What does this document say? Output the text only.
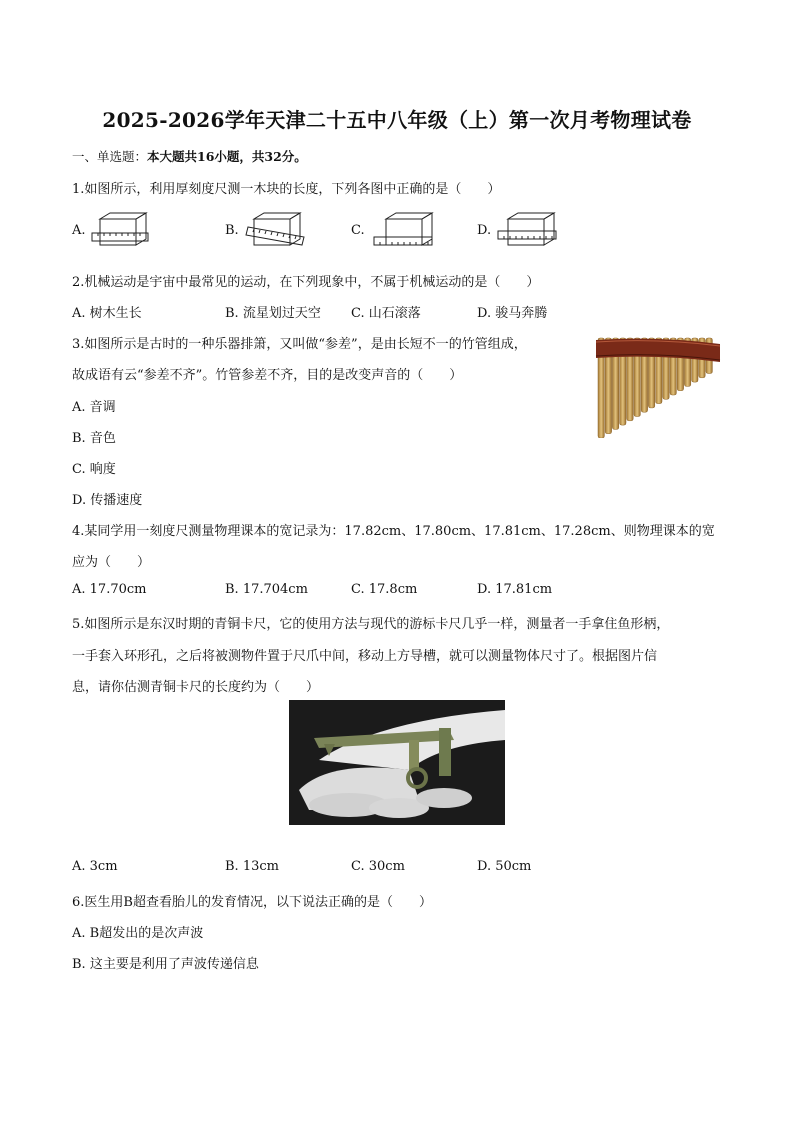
2025-2026学年天津二十五中八年级（上）第一次月考物理试卷
一、单选题：本大题共16小题，共32分。
1.如图所示，利用厚刻度尺测一木块的长度，下列各图中正确的是（　　）
A.	B.	C.	D.
2.机械运动是宇宙中最常见的运动，在下列现象中，不属于机械运动的是（　　）
A. 树木生长	B. 流星划过天空 C. 山石滚落	D. 骏马奔腾
3.如图所示是古时的一种乐器排箫，又叫做“参差”，是由长短不一的竹管组成，
故成语有云“参差不齐”。竹管参差不齐，目的是改变声音的（　　）
A. 音调
B. 音色
C. 响度
D. 传播速度
4.某同学用一刻度尺测量物理课本的宽记录为：17.82cm、17.80cm、17.81cm、17.28cm、则物理课本的宽
应为（　　）
A. 17.70cm	B. 17.704cm	C. 17.8cm	D. 17.81cm
5.如图所示是东汉时期的青铜卡尺，它的使用方法与现代的游标卡尺几乎一样，测量者一手拿住鱼形柄，
一手套入环形孔，之后将被测物件置于尺爪中间，移动上方导槽，就可以测量物体尺寸了。根据图片信
息，请你估测青铜卡尺的长度约为（　　）
A. 3cm	B. 13cm	C. 30cm	D. 50cm
6.医生用B超查看胎儿的发育情况，以下说法正确的是（　　）
A. B超发出的是次声波
B. 这主要是利用了声波传递信息
